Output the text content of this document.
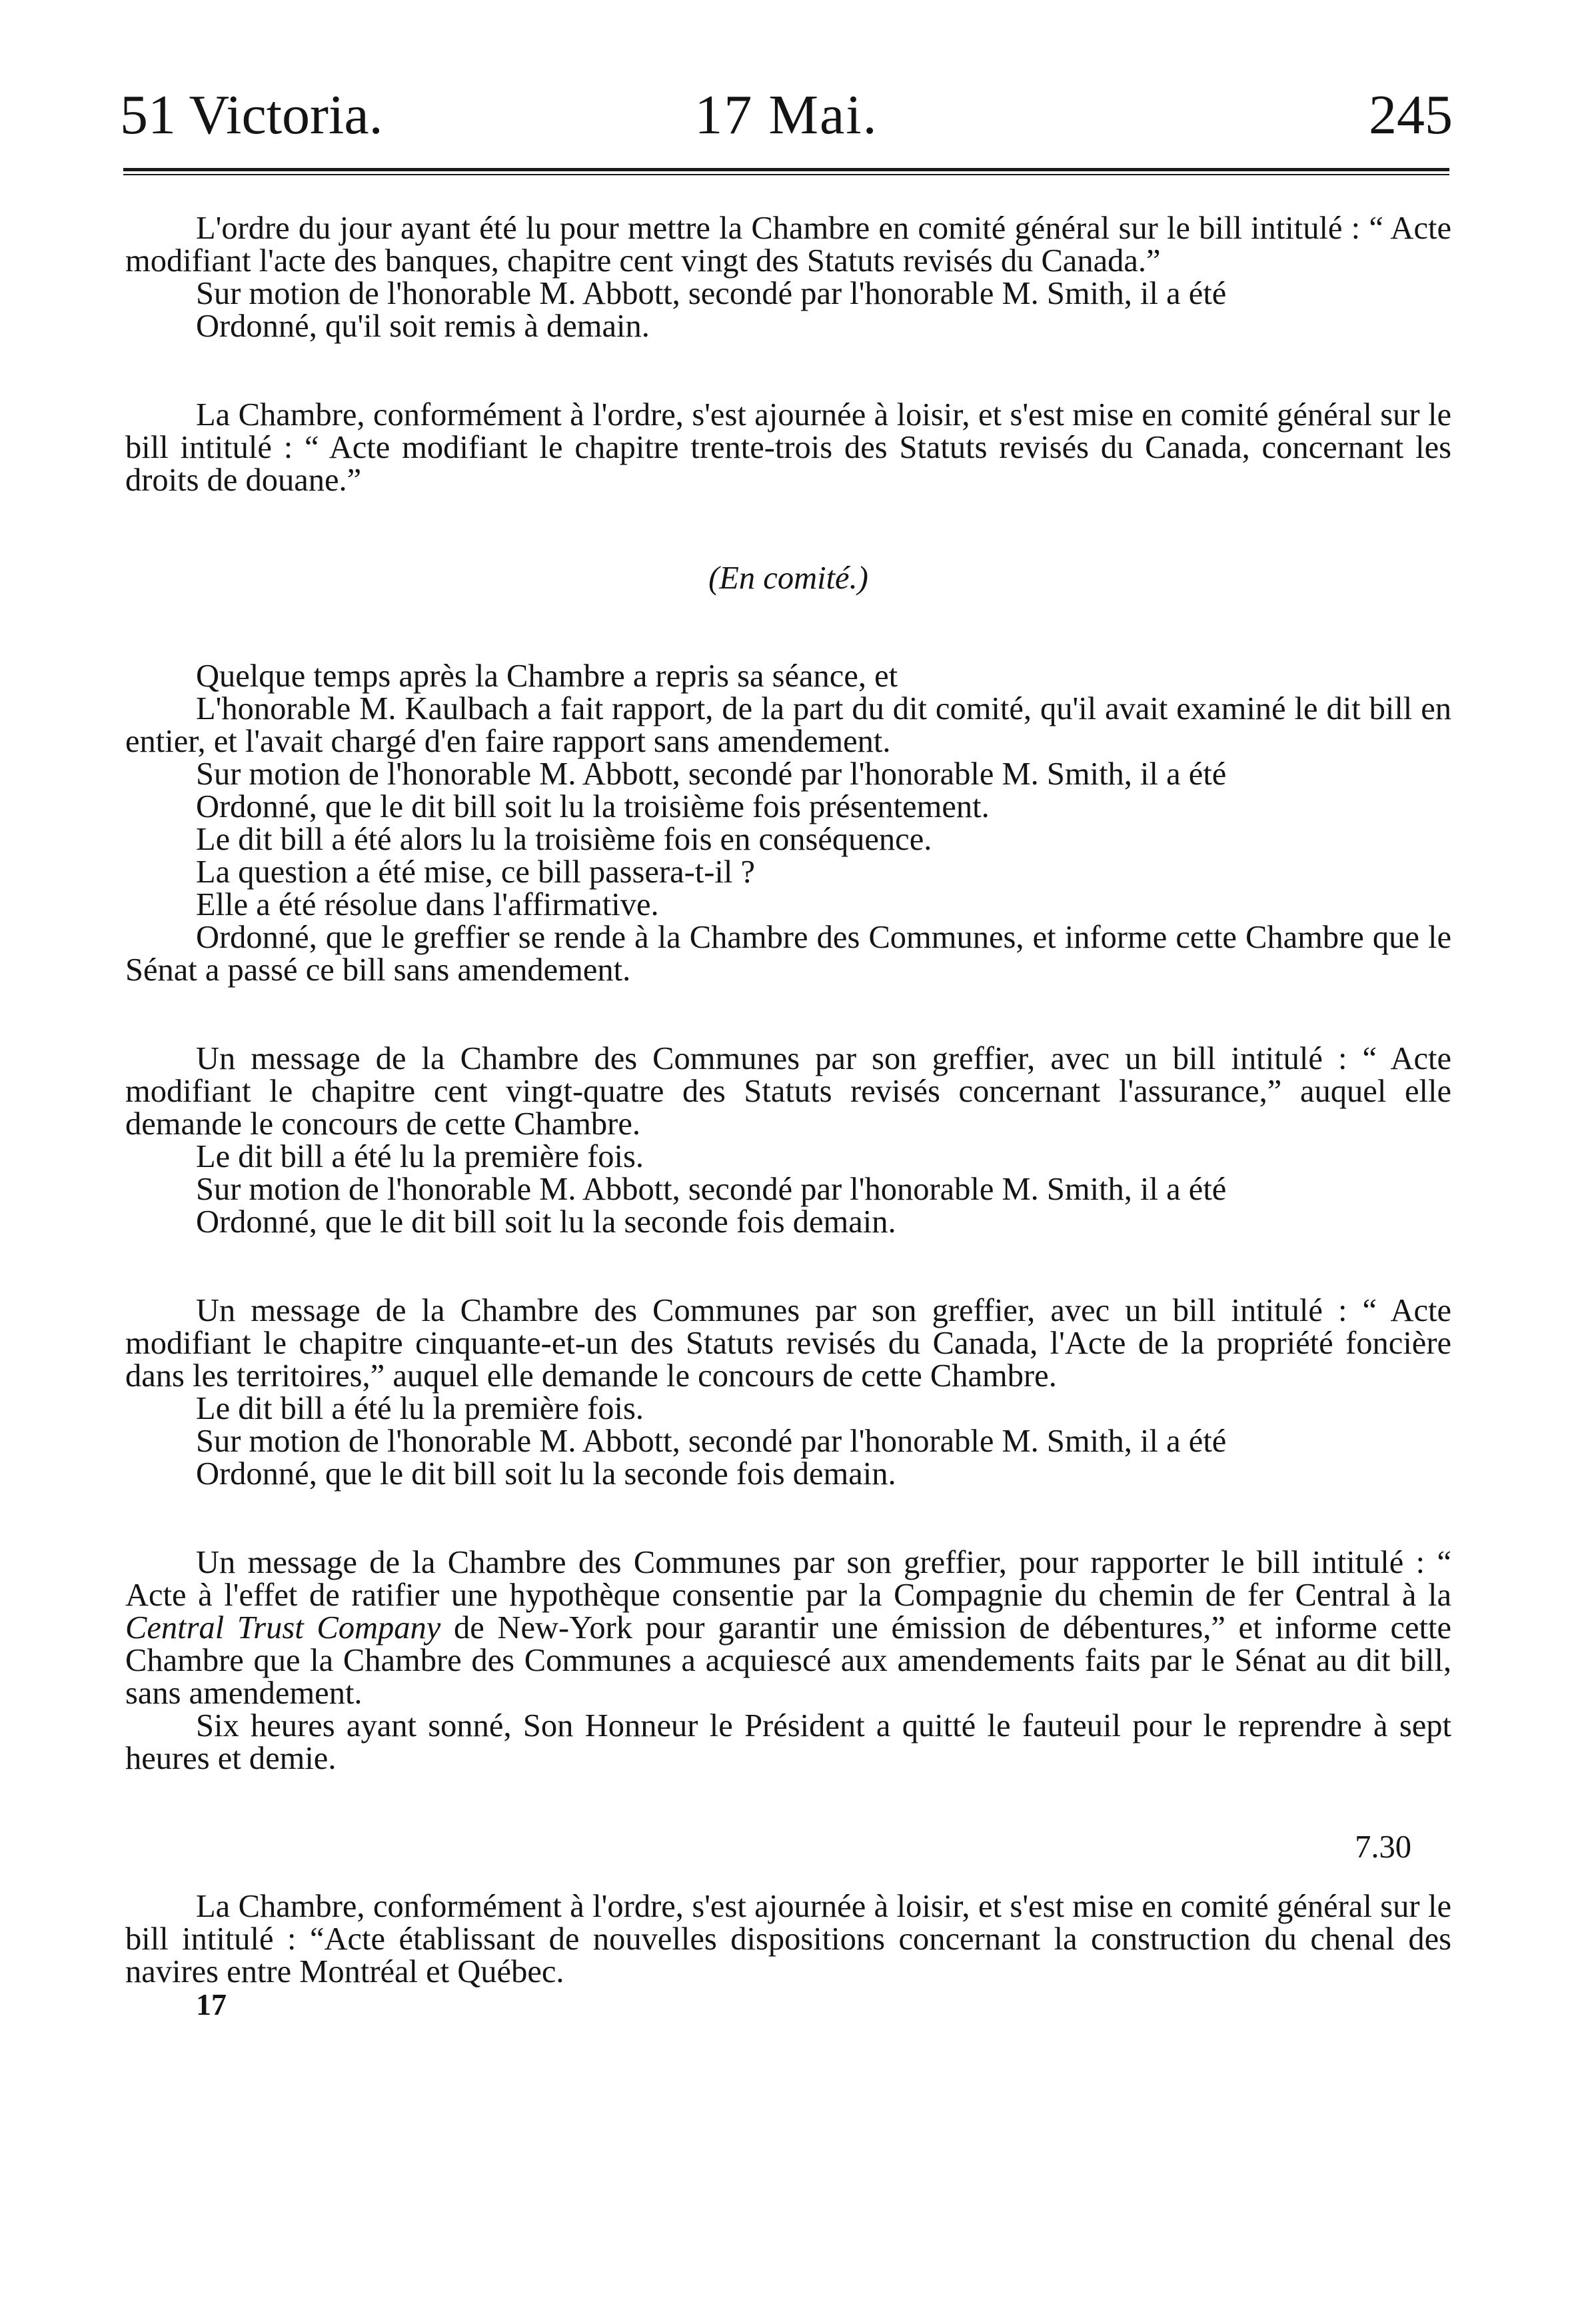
51 Victoria.	17 Mai.	245

L'ordre du jour ayant été lu pour mettre la Chambre en comité général sur le bill intitulé : “ Acte modifiant l'acte des banques, chapitre cent vingt des Statuts revisés du Canada.”

Sur motion de l'honorable M. Abbott, secondé par l'honorable M. Smith, il a été

Ordonné, qu'il soit remis à demain.

La Chambre, conformément à l'ordre, s'est ajournée à loisir, et s'est mise en comité général sur le bill intitulé : “ Acte modifiant le chapitre trente-trois des Statuts revisés du Canada, concernant les droits de douane.”

(En comité.)

Quelque temps après la Chambre a repris sa séance, et

L'honorable M. Kaulbach a fait rapport, de la part du dit comité, qu'il avait examiné le dit bill en entier, et l'avait chargé d'en faire rapport sans amendement.

Sur motion de l'honorable M. Abbott, secondé par l'honorable M. Smith, il a été

Ordonné, que le dit bill soit lu la troisième fois présentement.

Le dit bill a été alors lu la troisième fois en conséquence.

La question a été mise, ce bill passera-t-il ?

Elle a été résolue dans l'affirmative.

Ordonné, que le greffier se rende à la Chambre des Communes, et informe cette Chambre que le Sénat a passé ce bill sans amendement.

Un message de la Chambre des Communes par son greffier, avec un bill intitulé : “ Acte modifiant le chapitre cent vingt-quatre des Statuts revisés concernant l'assurance,” auquel elle demande le concours de cette Chambre.

Le dit bill a été lu la première fois.

Sur motion de l'honorable M. Abbott, secondé par l'honorable M. Smith, il a été

Ordonné, que le dit bill soit lu la seconde fois demain.

Un message de la Chambre des Communes par son greffier, avec un bill intitulé : “ Acte modifiant le chapitre cinquante-et-un des Statuts revisés du Canada, l'Acte de la propriété foncière dans les territoires,” auquel elle demande le concours de cette Chambre.

Le dit bill a été lu la première fois.

Sur motion de l'honorable M. Abbott, secondé par l'honorable M. Smith, il a été

Ordonné, que le dit bill soit lu la seconde fois demain.

Un message de la Chambre des Communes par son greffier, pour rapporter le bill intitulé : “ Acte à l'effet de ratifier une hypothèque consentie par la Compagnie du chemin de fer Central à la Central Trust Company de New-York pour garantir une émission de débentures,” et informe cette Chambre que la Chambre des Communes a acquiescé aux amendements faits par le Sénat au dit bill, sans amendement.

Six heures ayant sonné, Son Honneur le Président a quitté le fauteuil pour le reprendre à sept heures et demie.

7.30

La Chambre, conformément à l'ordre, s'est ajournée à loisir, et s'est mise en comité général sur le bill intitulé : “Acte établissant de nouvelles dispositions concernant la construction du chenal des navires entre Montréal et Québec.

17
